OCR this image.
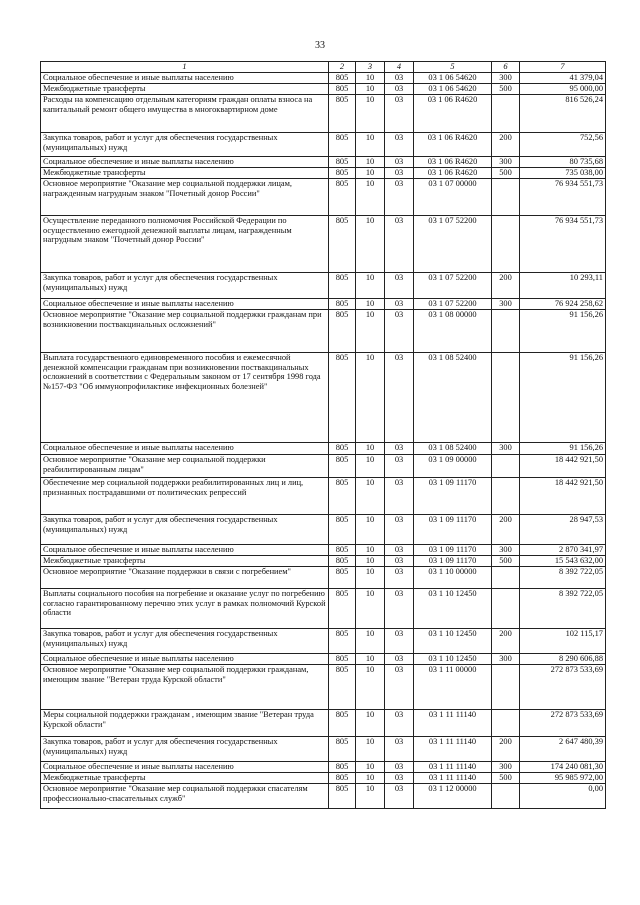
33
1	2	3	4	5	6	7
Социальное обеспечение и иные выплаты населению	805	10	03	03 1 06 54620	300	41 379,04
Межбюджетные трансферты	805	10	03	03 1 06 54620	500	95 000,00
Расходы на компенсацию отдельным категориям граждан оплаты взноса на капитальный ремонт общего имущества в многоквартирном доме	805	10	03	03 1 06 R4620		816 526,24
Закупка товаров, работ и услуг для обеспечения государственных (муниципальных) нужд	805	10	03	03 1 06 R4620	200	752,56
Социальное обеспечение и иные выплаты населению	805	10	03	03 1 06 R4620	300	80 735,68
Межбюджетные трансферты	805	10	03	03 1 06 R4620	500	735 038,00
Основное мероприятие "Оказание мер социальной поддержки лицам, награжденным нагрудным знаком "Почетный донор России"	805	10	03	03 1 07 00000		76 934 551,73
Осуществление переданного полномочия Российской Федерации по осуществлению ежегодной денежной выплаты лицам, награжденным нагрудным знаком "Почетный донор России"	805	10	03	03 1 07 52200		76 934 551,73
Закупка товаров, работ и услуг для обеспечения государственных (муниципальных) нужд	805	10	03	03 1 07 52200	200	10 293,11
Социальное обеспечение и иные выплаты населению	805	10	03	03 1 07 52200	300	76 924 258,62
Основное мероприятие "Оказание мер социальной поддержки гражданам при возникновении поствакцинальных осложнений"	805	10	03	03 1 08 00000		91 156,26
Выплата государственного единовременного пособия и ежемесячной денежной компенсации гражданам при возникновении поствакцинальных осложнений в соответствии с Федеральным законом от 17 сентября 1998 года №157-ФЗ "Об иммунопрофилактике инфекционных болезней"	805	10	03	03 1 08 52400		91 156,26
Социальное обеспечение и иные выплаты населению	805	10	03	03 1 08 52400	300	91 156,26
Основное мероприятие "Оказание мер социальной поддержки реабилитированным лицам"	805	10	03	03 1 09 00000		18 442 921,50
Обеспечение мер социальной поддержки реабилитированных лиц и лиц, признанных пострадавшими от политических репрессий	805	10	03	03 1 09 11170		18 442 921,50
Закупка товаров, работ и услуг для обеспечения государственных (муниципальных) нужд	805	10	03	03 1 09 11170	200	28 947,53
Социальное обеспечение и иные выплаты населению	805	10	03	03 1 09 11170	300	2 870 341,97
Межбюджетные трансферты	805	10	03	03 1 09 11170	500	15 543 632,00
Основное мероприятие "Оказание поддержки в связи с погребением"	805	10	03	03 1 10 00000		8 392 722,05
Выплаты социального пособия на погребение и оказание услуг по погребению согласно гарантированному перечню этих услуг в рамках полномочий Курской области	805	10	03	03 1 10 12450		8 392 722,05
Закупка товаров, работ и услуг для обеспечения государственных (муниципальных) нужд	805	10	03	03 1 10 12450	200	102 115,17
Социальное обеспечение и иные выплаты населению	805	10	03	03 1 10 12450	300	8 290 606,88
Основное мероприятие "Оказание мер социальной поддержки гражданам, имеющим звание "Ветеран труда Курской области"	805	10	03	03 1 11 00000		272 873 533,69
Меры социальной поддержки гражданам , имеющим звание "Ветеран труда Курской области"	805	10	03	03 1 11 11140		272 873 533,69
Закупка товаров, работ и услуг для обеспечения государственных (муниципальных) нужд	805	10	03	03 1 11 11140	200	2 647 480,39
Социальное обеспечение и иные выплаты населению	805	10	03	03 1 11 11140	300	174 240 081,30
Межбюджетные трансферты	805	10	03	03 1 11 11140	500	95 985 972,00
Основное мероприятие "Оказание мер социальной поддержки спасателям профессионально-спасательных служб"	805	10	03	03 1 12 00000		0,00
